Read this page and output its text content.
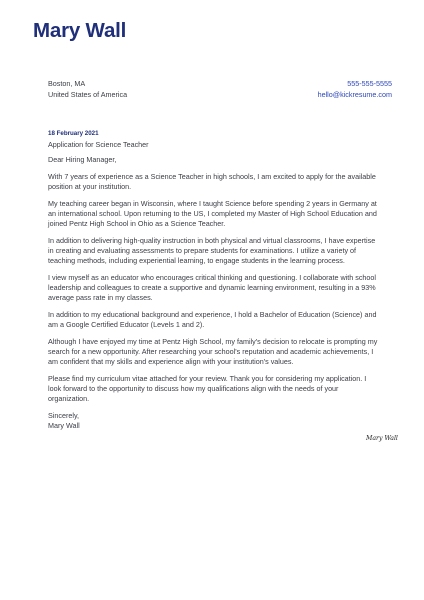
Mary Wall
Boston, MA
United States of America
555-555-5555
hello@kickresume.com
18 February 2021
Application for Science Teacher

Dear Hiring Manager,

With 7 years of experience as a Science Teacher in high schools, I am excited to apply for the available position at your institution.

My teaching career began in Wisconsin, where I taught Science before spending 2 years in Germany at an international school. Upon returning to the US, I completed my Master of High School Education and joined Pentz High School in Ohio as a Science Teacher.

In addition to delivering high-quality instruction in both physical and virtual classrooms, I have expertise in creating and evaluating assessments to prepare students for examinations. I utilize a variety of teaching methods, including experiential learning, to engage students in the learning process.

I view myself as an educator who encourages critical thinking and questioning. I collaborate with school leadership and colleagues to create a supportive and dynamic learning environment, resulting in a 93% average pass rate in my classes.

In addition to my educational background and experience, I hold a Bachelor of Education (Science) and am a Google Certified Educator (Levels 1 and 2).

Although I have enjoyed my time at Pentz High School, my family's decision to relocate is prompting my search for a new opportunity. After researching your school's reputation and academic achievements, I am confident that my skills and experience align with your institution's values.

Please find my curriculum vitae attached for your review. Thank you for considering my application. I look forward to the opportunity to discuss how my qualifications align with the needs of your organization.

Sincerely,
Mary Wall
Mary Wall
